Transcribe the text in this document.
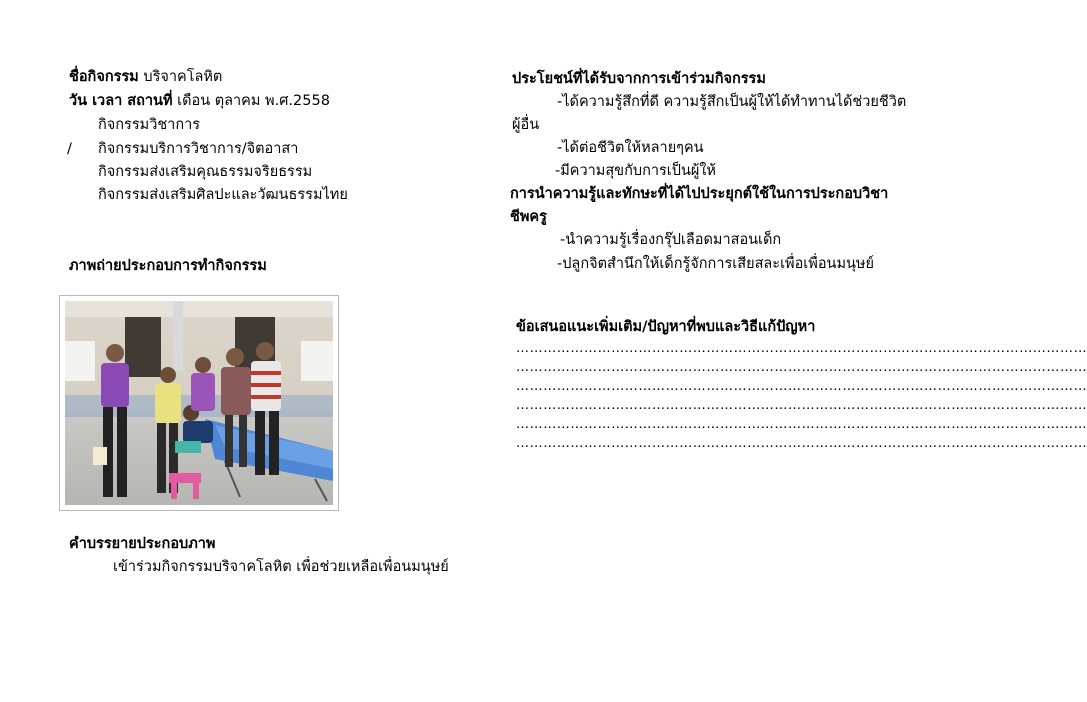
ชื่อกิจกรรม บริจาคโลหิต
วัน เวลา สถานที่ เดือน ตุลาคม พ.ศ.2558
/
กิจกรรมวิชาการ
กิจกรรมบริการวิชาการ/จิตอาสา
กิจกรรมส่งเสริมคุณธรรมจริยธรรม
กิจกรรมส่งเสริมศิลปะและวัฒนธรรมไทย
ภาพถ่ายประกอบการทำกิจกรรม
คำบรรยายประกอบภาพ
เข้าร่วมกิจกรรมบริจาคโลหิต เพื่อช่วยเหลือเพื่อนมนุษย์
ประโยชน์ที่ได้รับจากการเข้าร่วมกิจกรรม
-ได้ความรู้สึกที่ดี ความรู้สึกเป็นผู้ให้ได้ทำทานได้ช่วยชีวิต
ผู้อื่น
-ได้ต่อชีวิตให้หลายๆคน
-มีความสุขกับการเป็นผู้ให้
การนำความรู้และทักษะที่ได้ไปประยุกต์ใช้ในการประกอบวิชา
ชีพครู
-นำความรู้เรื่องกรุ๊ปเลือดมาสอนเด็ก
-ปลูกจิตสำนึกให้เด็กรู้จักการเสียสละเพื่อเพื่อนมนุษย์
ข้อเสนอแนะเพิ่มเติม/ปัญหาที่พบและวิธีแก้ปัญหา
………………………………………………………………………………………………………………
………………………………………………………………………………………………………………
………………………………………………………………………………………………………………
………………………………………………………………………………………………………………
………………………………………………………………………………………………………………
………………………………………………………………………………………………………………
